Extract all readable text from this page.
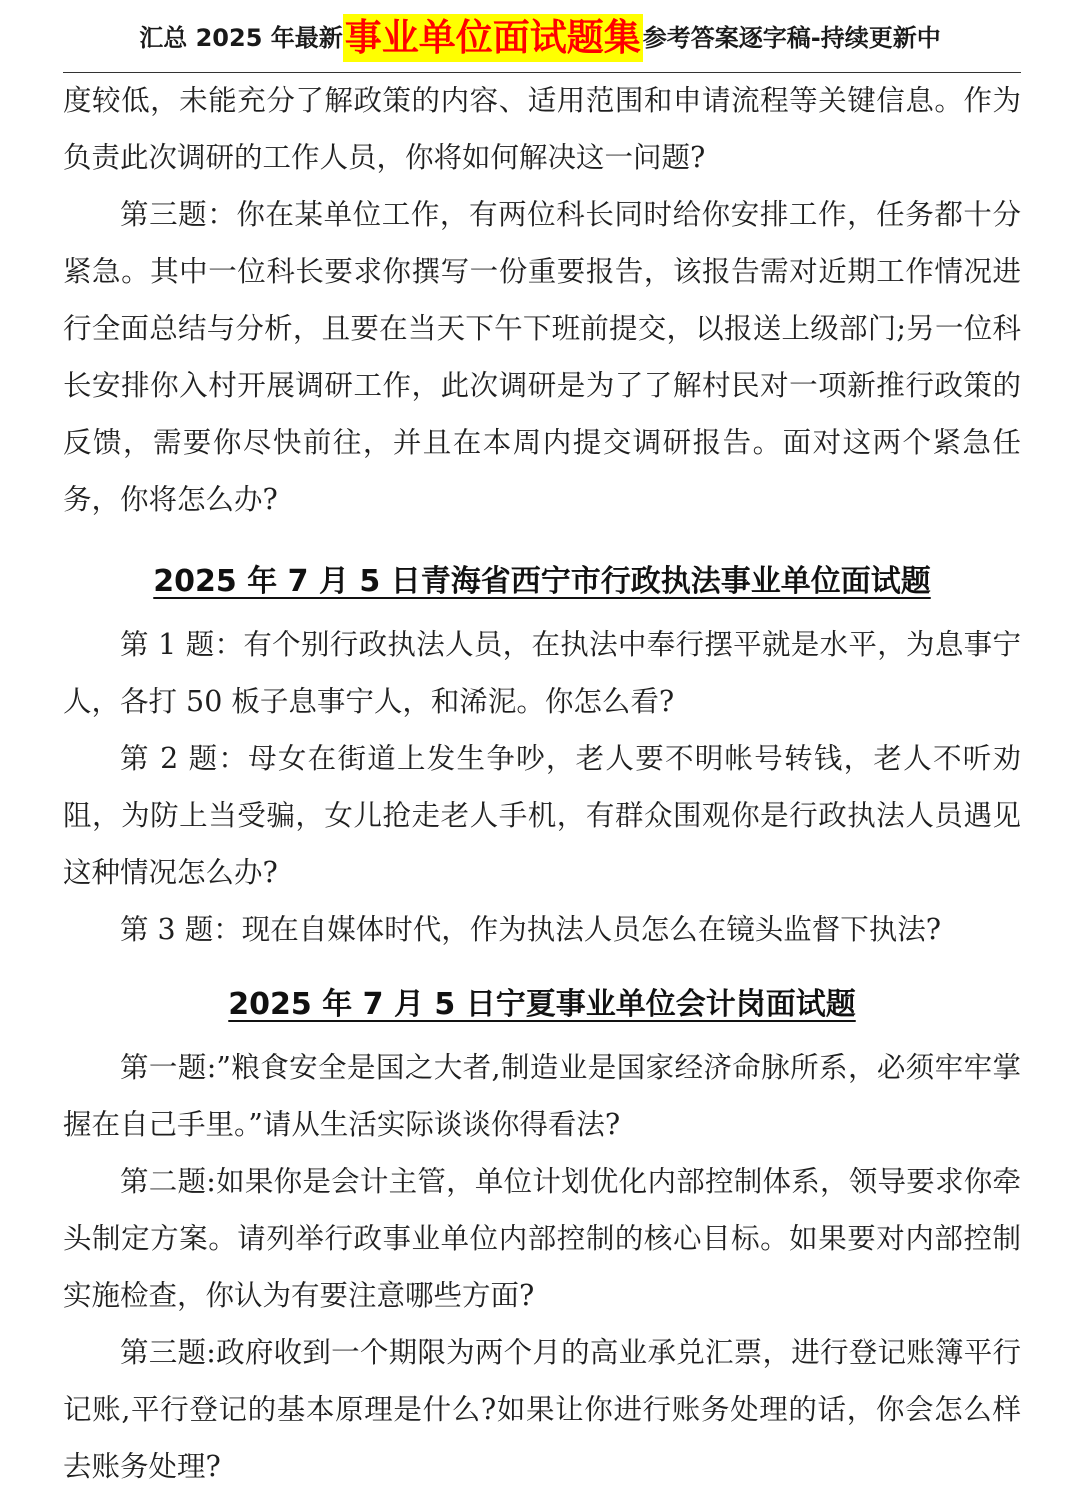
汇总 2025 年最新事业单位面试题集参考答案逐字稿-持续更新中

度较低，未能充分了解政策的内容、适用范围和申请流程等关键信息。作为负责此次调研的工作人员，你将如何解决这一问题?

第三题：你在某单位工作，有两位科长同时给你安排工作，任务都十分紧急。其中一位科长要求你撰写一份重要报告，该报告需对近期工作情况进行全面总结与分析，且要在当天下午下班前提交，以报送上级部门;另一位科长安排你入村开展调研工作，此次调研是为了了解村民对一项新推行政策的反馈，需要你尽快前往，并且在本周内提交调研报告。面对这两个紧急任务，你将怎么办?

2025 年 7 月 5 日青海省西宁市行政执法事业单位面试题

第 1 题：有个别行政执法人员，在执法中奉行摆平就是水平，为息事宁人，各打 50 板子息事宁人，和浠泥。你怎么看?

第 2 题：母女在街道上发生争吵，老人要不明帐号转钱，老人不听劝阻，为防上当受骗，女儿抢走老人手机，有群众围观你是行政执法人员遇见这种情况怎么办?

第 3 题：现在自媒体时代，作为执法人员怎么在镜头监督下执法?

2025 年 7 月 5 日宁夏事业单位会计岗面试题

第一题:”粮食安全是国之大者,制造业是国家经济命脉所系，必须牢牢掌握在自己手里。”请从生活实际谈谈你得看法?

第二题:如果你是会计主管，单位计划优化内部控制体系，领导要求你牵头制定方案。请列举行政事业单位内部控制的核心目标。如果要对内部控制实施检查，你认为有要注意哪些方面?

第三题:政府收到一个期限为两个月的高业承兑汇票，进行登记账簿平行记账,平行登记的基本原理是什么?如果让你进行账务处理的话，你会怎么样去账务处理?
